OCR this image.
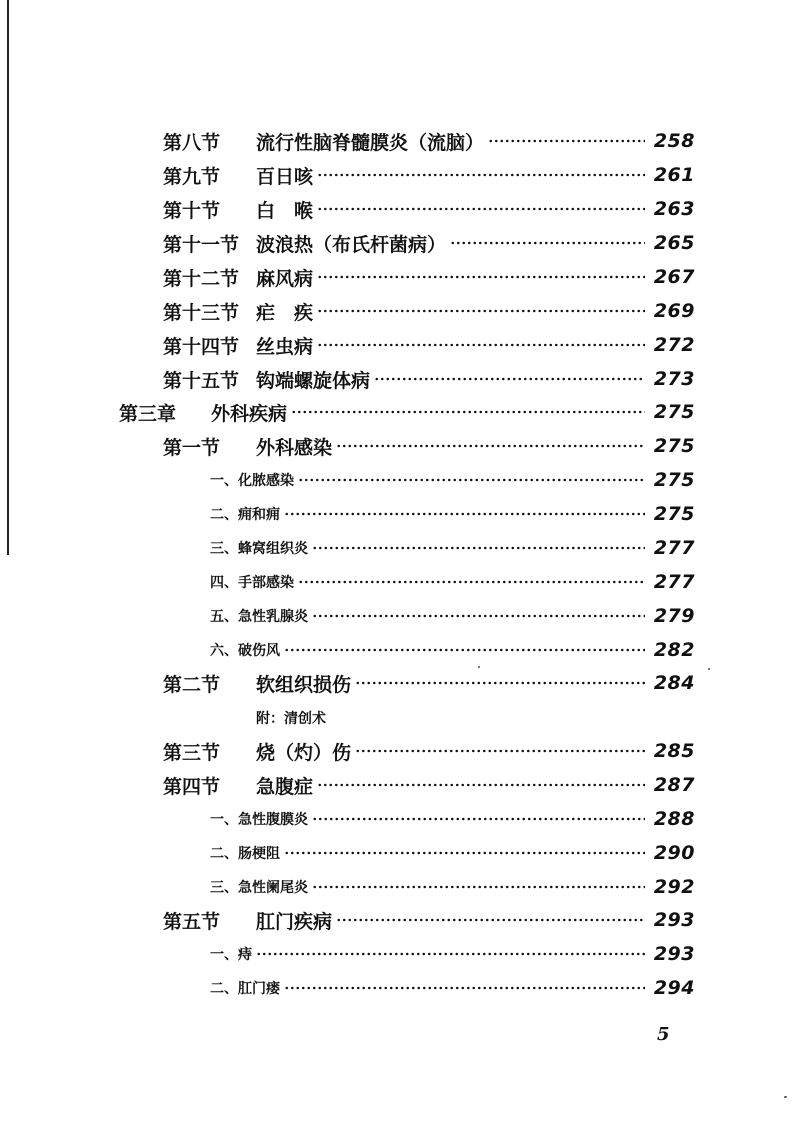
第八节	流行性脑脊髓膜炎（流脑）	258
第九节	百日咳	261
第十节	白　喉	263
第十一节 波浪热（布氏杆菌病）	265
第十二节 麻风病	267
第十三节 疟　疾	269
第十四节 丝虫病	272
第十五节 钩端螺旋体病	273
第三章	外科疾病	275
第一节	外科感染	275
一、化脓感染	275
二、痈和痈	275
三、蜂窝组织炎	277
四、手部感染	277
五、急性乳腺炎	279
六、破伤风	282
第二节	软组织损伤	284
附：清创术
第三节	烧（灼）伤	285
第四节	急腹症	287
一、急性腹膜炎	288
二、肠梗阻	290
三、急性阑尾炎	292
第五节	肛门疾病	293
一、痔	293
二、肛门瘘	294
5
